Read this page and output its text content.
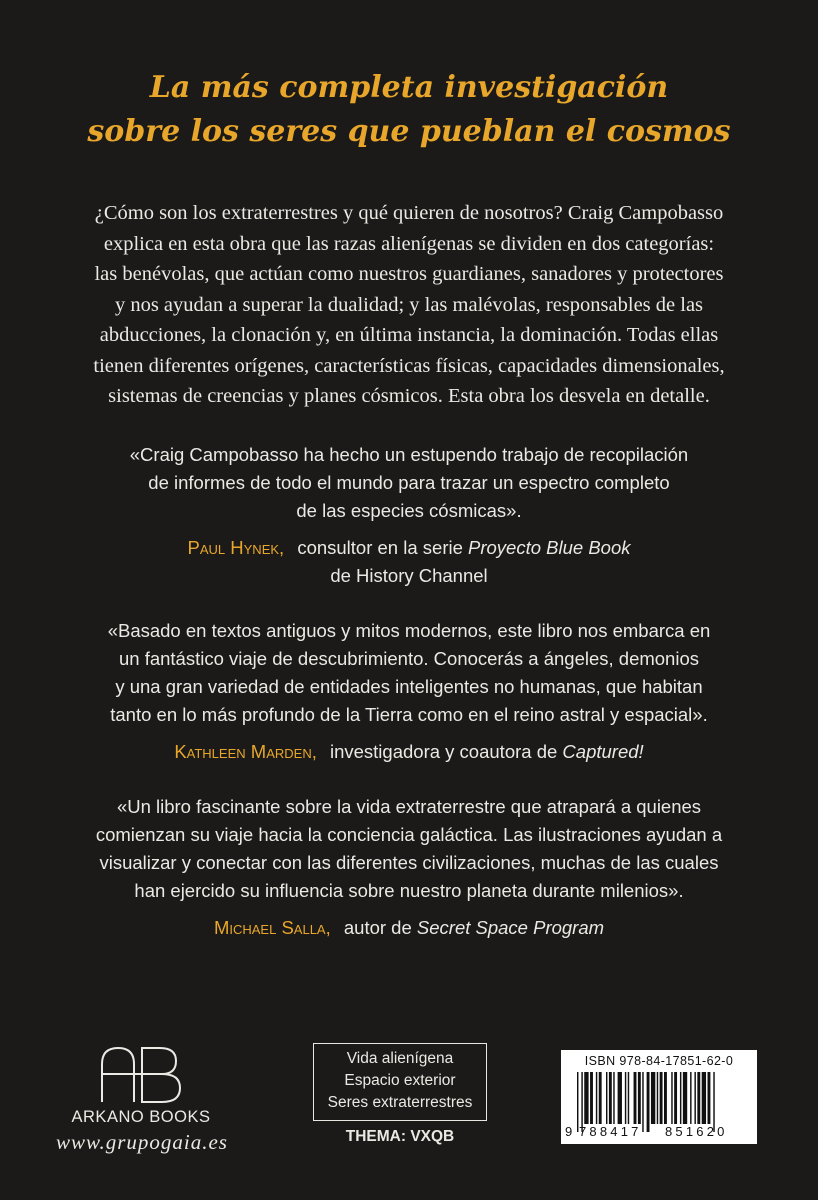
La más completa investigación
sobre los seres que pueblan el cosmos

¿Cómo son los extraterrestres y qué quieren de nosotros? Craig Campobasso
explica en esta obra que las razas alienígenas se dividen en dos categorías:
las benévolas, que actúan como nuestros guardianes, sanadores y protectores
y nos ayudan a superar la dualidad; y las malévolas, responsables de las
abducciones, la clonación y, en última instancia, la dominación. Todas ellas
tienen diferentes orígenes, características físicas, capacidades dimensionales,
sistemas de creencias y planes cósmicos. Esta obra los desvela en detalle.

«Craig Campobasso ha hecho un estupendo trabajo de recopilación
de informes de todo el mundo para trazar un espectro completo
de las especies cósmicas».

Paul Hynek, consultor en la serie Proyecto Blue Book
de History Channel

«Basado en textos antiguos y mitos modernos, este libro nos embarca en
un fantástico viaje de descubrimiento. Conocerás a ángeles, demonios
y una gran variedad de entidades inteligentes no humanas, que habitan
tanto en lo más profundo de la Tierra como en el reino astral y espacial».

Kathleen Marden, investigadora y coautora de Captured!

«Un libro fascinante sobre la vida extraterrestre que atrapará a quienes
comienzan su viaje hacia la conciencia galáctica. Las ilustraciones ayudan a
visualizar y conectar con las diferentes civilizaciones, muchas de las cuales
han ejercido su influencia sobre nuestro planeta durante milenios».

Michael Salla, autor de Secret Space Program
ARKANO BOOKS
www.grupogaia.es
Vida alienígena
Espacio exterior
Seres extraterrestres
THEMA: VXQB
ISBN 978-84-17851-62-0
9 788417 851620
